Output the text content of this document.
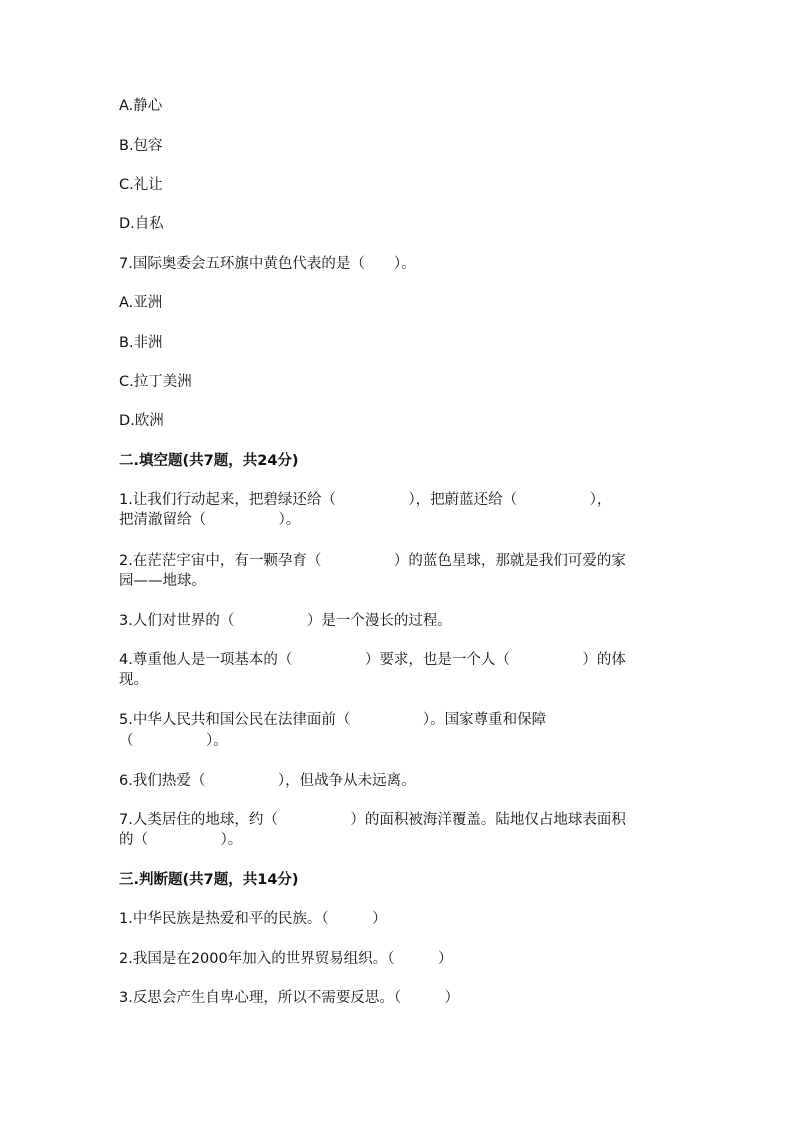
A.静心
B.包容
C.礼让
D.自私
7.国际奥委会五环旗中黄色代表的是（　　）。
A.亚洲
B.非洲
C.拉丁美洲
D.欧洲
二.填空题(共7题，共24分)
1.让我们行动起来，把碧绿还给（　　　　　），把蔚蓝还给（　　　　　），
把清澈留给（　　　　　）。
2.在茫茫宇宙中，有一颗孕育（　　　　　）的蓝色星球，那就是我们可爱的家
园——地球。
3.人们对世界的（　　　　　）是一个漫长的过程。
4.尊重他人是一项基本的（　　　　　）要求，也是一个人（　　　　　）的体
现。
5.中华人民共和国公民在法律面前（　　　　　）。国家尊重和保障
（　　　　　）。
6.我们热爱（　　　　　），但战争从未远离。
7.人类居住的地球，约（　　　　　）的面积被海洋覆盖。陆地仅占地球表面积
的（　　　　　）。
三.判断题(共7题，共14分)
1.中华民族是热爱和平的民族。（　　　）
2.我国是在2000年加入的世界贸易组织。（　　　）
3.反思会产生自卑心理，所以不需要反思。（　　　）
